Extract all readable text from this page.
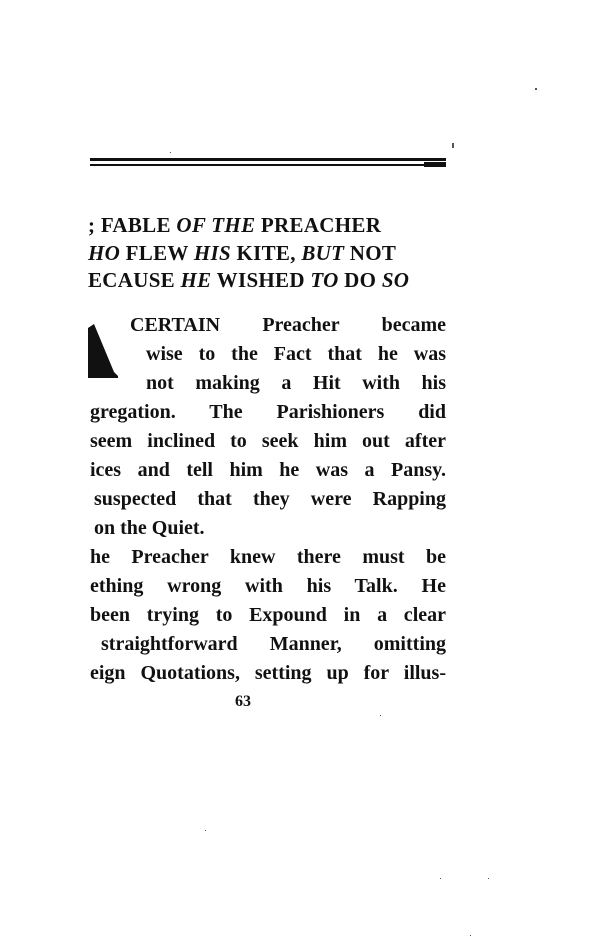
; FABLE OF THE PREACHER
HO FLEW HIS KITE, BUT NOT
ECAUSE HE WISHED TO DO SO
CERTAIN Preacher became
wise to the Fact that he was
not making a Hit with his
gregation. The Parishioners did
seem inclined to seek him out after
ices and tell him he was a Pansy.
suspected that they were Rapping
on the Quiet.
he Preacher knew there must be
ething wrong with his Talk. He
been trying to Expound in a clear
straightforward Manner, omitting
eign Quotations, setting up for illus-
63
